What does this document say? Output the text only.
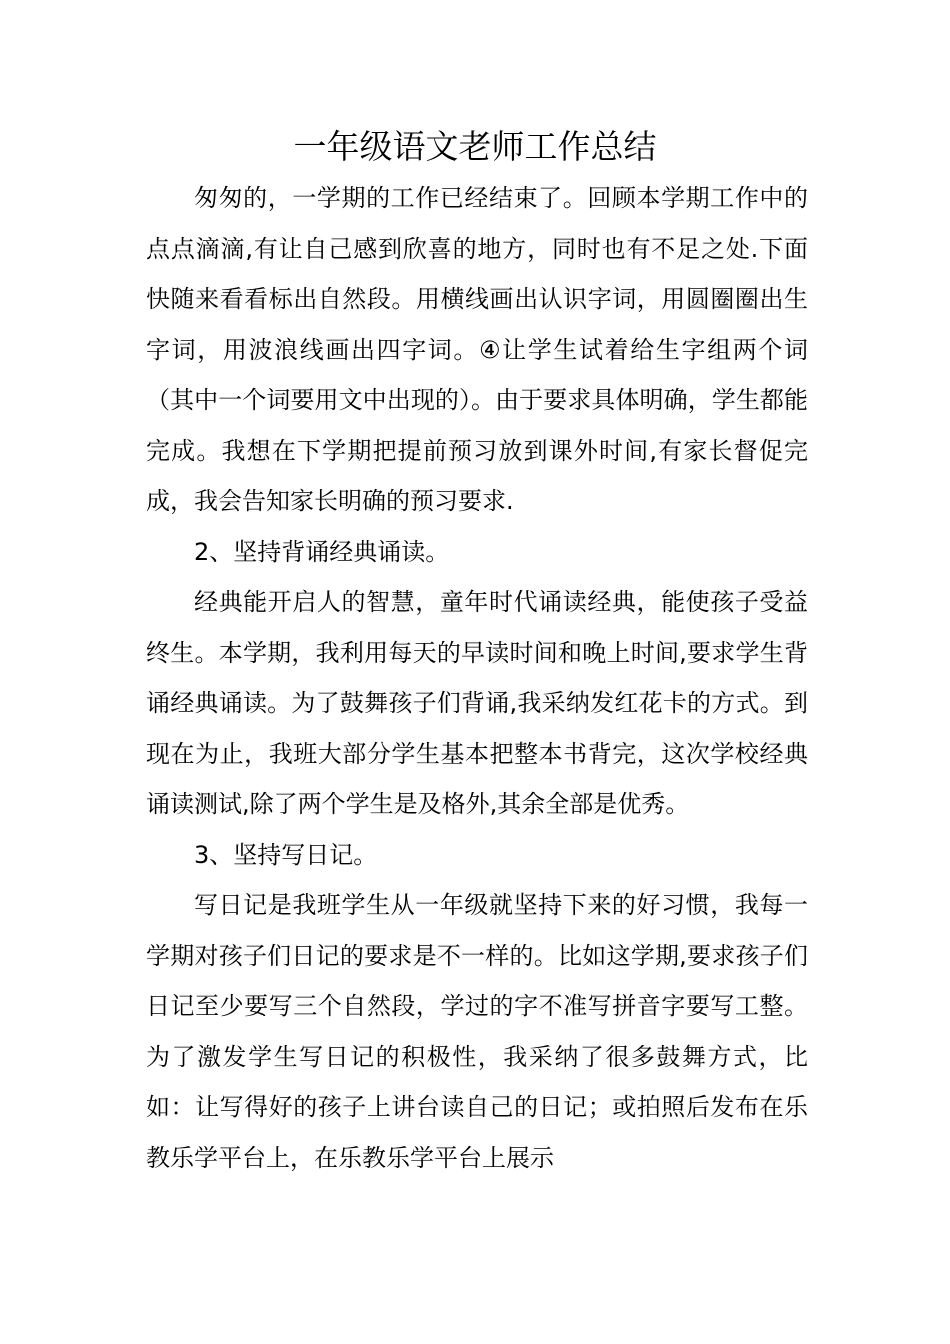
一年级语文老师工作总结

匆匆的，一学期的工作已经结束了。回顾本学期工作中的点点滴滴,有让自己感到欣喜的地方，同时也有不足之处.下面快随来看看标出自然段。用横线画出认识字词，用圆圈圈出生字词，用波浪线画出四字词。④让学生试着给生字组两个词（其中一个词要用文中出现的）。由于要求具体明确，学生都能完成。我想在下学期把提前预习放到课外时间,有家长督促完成，我会告知家长明确的预习要求.

2、坚持背诵经典诵读。

经典能开启人的智慧，童年时代诵读经典，能使孩子受益终生。本学期，我利用每天的早读时间和晚上时间,要求学生背诵经典诵读。为了鼓舞孩子们背诵,我采纳发红花卡的方式。到现在为止，我班大部分学生基本把整本书背完，这次学校经典诵读测试,除了两个学生是及格外,其余全部是优秀。

3、坚持写日记。

写日记是我班学生从一年级就坚持下来的好习惯，我每一学期对孩子们日记的要求是不一样的。比如这学期,要求孩子们日记至少要写三个自然段，学过的字不准写拼音字要写工整。为了激发学生写日记的积极性，我采纳了很多鼓舞方式，比如：让写得好的孩子上讲台读自己的日记；或拍照后发布在乐教乐学平台上，在乐教乐学平台上展示
